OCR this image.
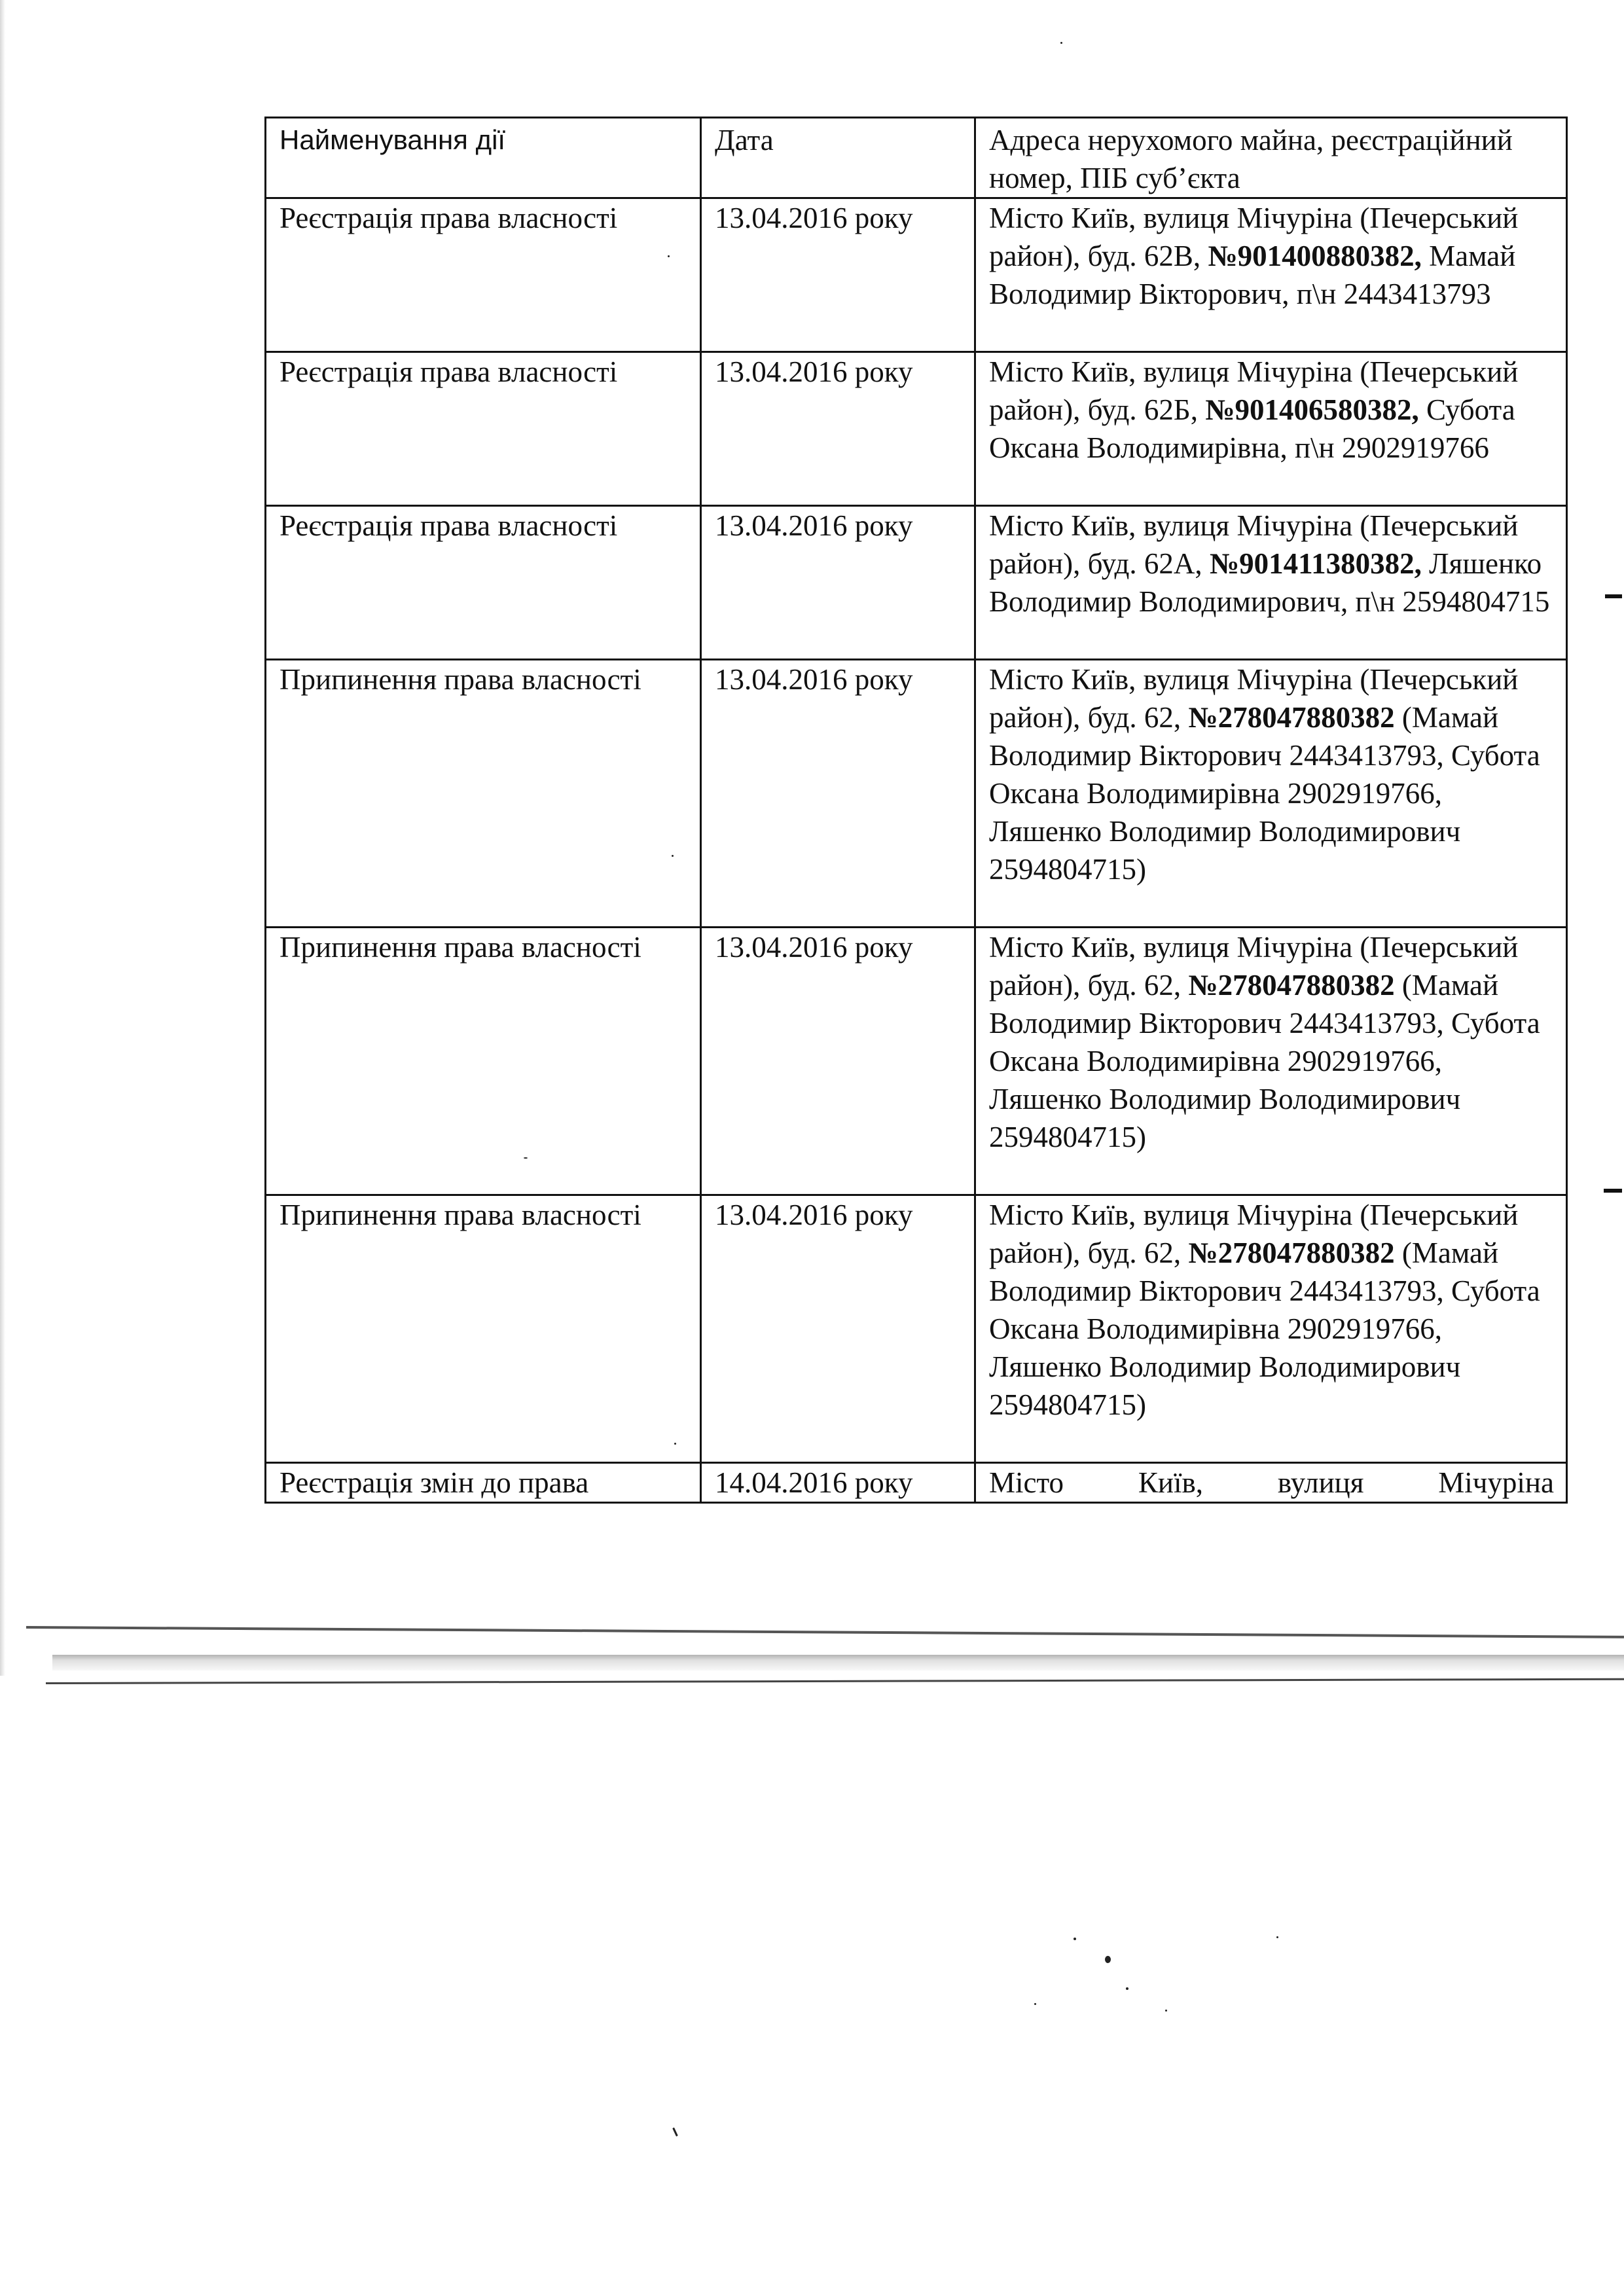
Найменування дії	Дата	Адреса нерухомого майна, реєстраційний номер, ПІБ суб’єкта
Реєстрація права власності	13.04.2016 року	Місто Київ, вулиця Мічуріна (Печерський район), буд. 62В, №901400880382, Мамай Володимир Вікторович, п\н 2443413793
Реєстрація права власності	13.04.2016 року	Місто Київ, вулиця Мічуріна (Печерський район), буд. 62Б, №901406580382, Субота Оксана Володимирівна, п\н 2902919766
Реєстрація права власності	13.04.2016 року	Місто Київ, вулиця Мічуріна (Печерський район), буд. 62А, №901411380382, Ляшенко Володимир Володимирович, п\н 2594804715
Припинення права власності	13.04.2016 року	Місто Київ, вулиця Мічуріна (Печерський район), буд. 62, №278047880382 (Мамай Володимир Вікторович 2443413793, Субота Оксана Володимирівна 2902919766, Ляшенко Володимир Володимирович 2594804715)
Припинення права власності	13.04.2016 року	Місто Київ, вулиця Мічуріна (Печерський район), буд. 62, №278047880382 (Мамай Володимир Вікторович 2443413793, Субота Оксана Володимирівна 2902919766, Ляшенко Володимир Володимирович 2594804715)
Припинення права власності	13.04.2016 року	Місто Київ, вулиця Мічуріна (Печерський район), буд. 62, №278047880382 (Мамай Володимир Вікторович 2443413793, Субота Оксана Володимирівна 2902919766, Ляшенко Володимир Володимирович 2594804715)
Реєстрація змін до права	14.04.2016 року	Місто Київ, вулиця Мічуріна
